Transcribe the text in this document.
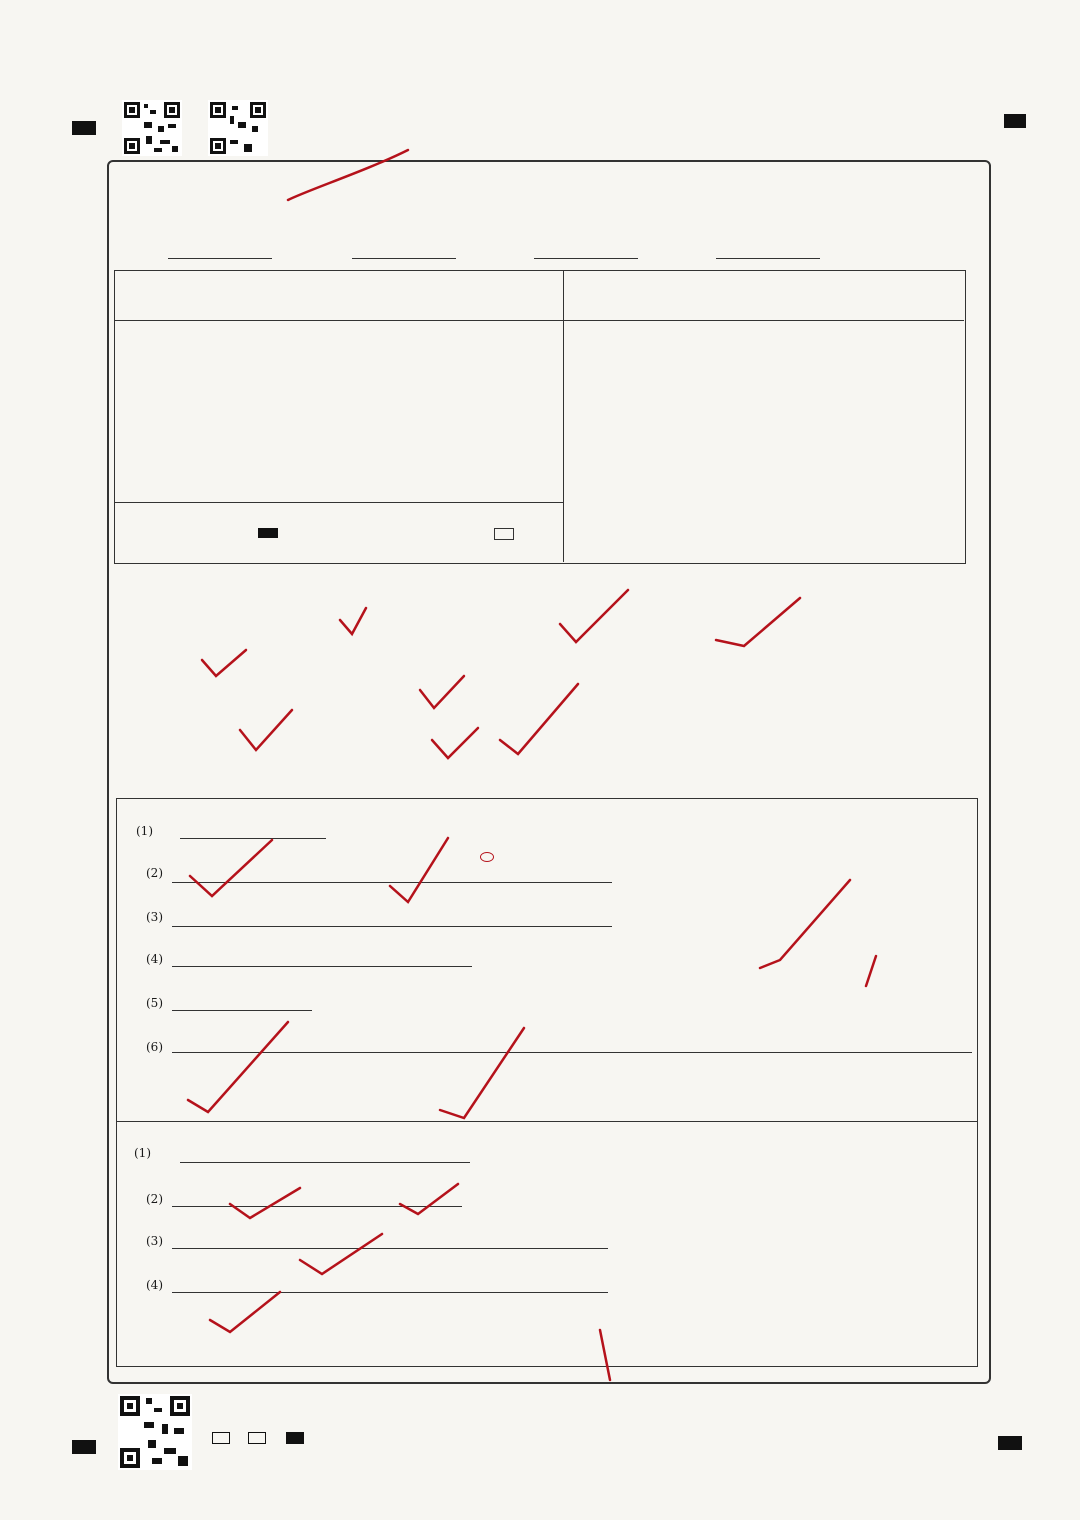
(1)
(2)
(3)
(4)
(5)
(6)
(1)
(2)
(3)
(4)
